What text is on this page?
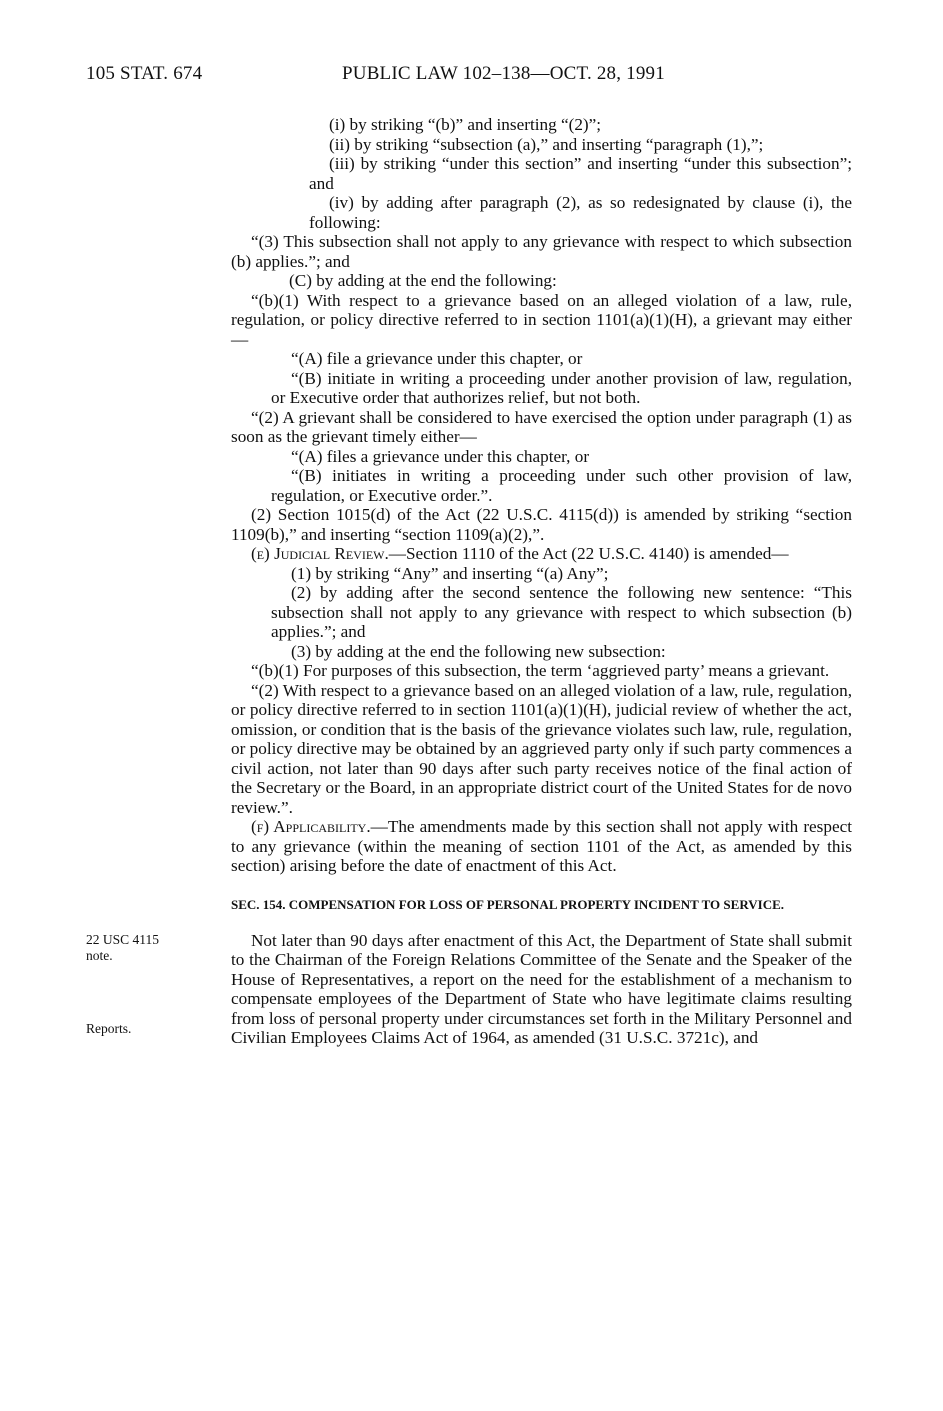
105 STAT. 674	PUBLIC LAW 102–138—OCT. 28, 1991
22 USC 4115
note.
Reports.

(i) by striking “(b)” and inserting “(2)”;

(ii) by striking “subsection (a),” and inserting “paragraph (1),”;

(iii) by striking “under this section” and inserting “under this subsection”; and

(iv) by adding after paragraph (2), as so redesignated by clause (i), the following:

“(3) This subsection shall not apply to any grievance with respect to which subsection (b) applies.”; and

(C) by adding at the end the following:

“(b)(1) With respect to a grievance based on an alleged violation of a law, rule, regulation, or policy directive referred to in section 1101(a)(1)(H), a grievant may either—

“(A) file a grievance under this chapter, or

“(B) initiate in writing a proceeding under another provision of law, regulation, or Executive order that authorizes relief, but not both.

“(2) A grievant shall be considered to have exercised the option under paragraph (1) as soon as the grievant timely either—

“(A) files a grievance under this chapter, or

“(B) initiates in writing a proceeding under such other provision of law, regulation, or Executive order.”.

(2) Section 1015(d) of the Act (22 U.S.C. 4115(d)) is amended by striking “section 1109(b),” and inserting “section 1109(a)(2),”.

(e) Judicial Review.—Section 1110 of the Act (22 U.S.C. 4140) is amended—

(1) by striking “Any” and inserting “(a) Any”;

(2) by adding after the second sentence the following new sentence: “This subsection shall not apply to any grievance with respect to which subsection (b) applies.”; and

(3) by adding at the end the following new subsection:

“(b)(1) For purposes of this subsection, the term ‘aggrieved party’ means a grievant.

“(2) With respect to a grievance based on an alleged violation of a law, rule, regulation, or policy directive referred to in section 1101(a)(1)(H), judicial review of whether the act, omission, or condition that is the basis of the grievance violates such law, rule, regulation, or policy directive may be obtained by an aggrieved party only if such party commences a civil action, not later than 90 days after such party receives notice of the final action of the Secretary or the Board, in an appropriate district court of the United States for de novo review.”.

(f) Applicability.—The amendments made by this section shall not apply with respect to any grievance (within the meaning of section 1101 of the Act, as amended by this section) arising before the date of enactment of this Act.

SEC. 154. COMPENSATION FOR LOSS OF PERSONAL PROPERTY INCIDENT TO SERVICE.

Not later than 90 days after enactment of this Act, the Department of State shall submit to the Chairman of the Foreign Relations Committee of the Senate and the Speaker of the House of Representatives, a report on the need for the establishment of a mechanism to compensate employees of the Department of State who have legitimate claims resulting from loss of personal property under circumstances set forth in the Military Personnel and Civilian Employees Claims Act of 1964, as amended (31 U.S.C. 3721c), and
